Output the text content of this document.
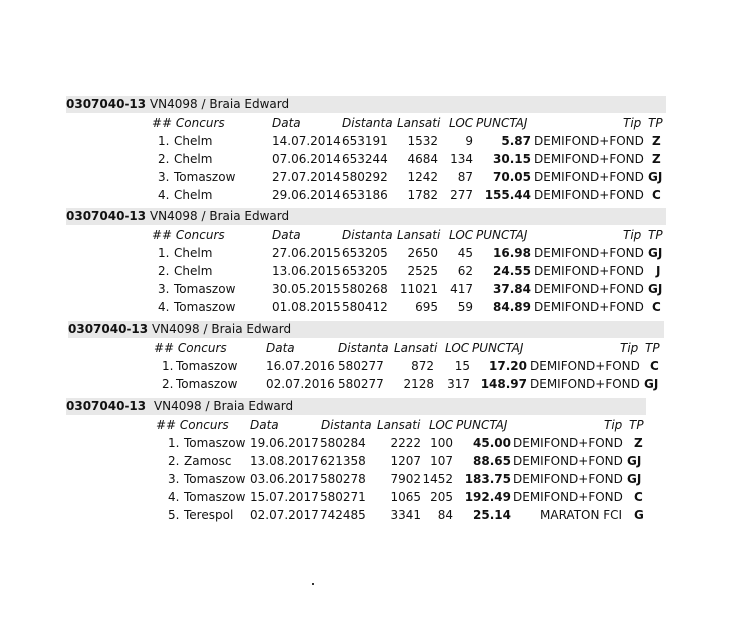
0307040-13 VN4098 / Braia Edward
## Concurs	Data	Distanta Lansati LOC PUNCTAJ	Tip TP
1. Chelm	14.07.2014 653191 1532 9 5.87 DEMIFOND+FOND Z
2. Chelm	07.06.2014 653244 4684 134 30.15 DEMIFOND+FOND Z
3. Tomaszow	27.07.2014 580292 1242 87 70.05 DEMIFOND+FOND GJ
4. Chelm	29.06.2014 653186 1782 277 155.44 DEMIFOND+FOND C
0307040-13 VN4098 / Braia Edward
## Concurs	Data	Distanta Lansati LOC PUNCTAJ	Tip TP
1. Chelm	27.06.2015 653205 2650 45 16.98 DEMIFOND+FOND GJ
2. Chelm	13.06.2015 653205 2525 62 24.55 DEMIFOND+FOND J
3. Tomaszow	30.05.2015 580268 11021 417 37.84 DEMIFOND+FOND GJ
4. Tomaszow	01.08.2015 580412 695 59 84.89 DEMIFOND+FOND C
0307040-13 VN4098 / Braia Edward
## Concurs	Data	Distanta Lansati LOC PUNCTAJ	Tip TP
1. Tomaszow 16.07.2016 580277 872 15 17.20 DEMIFOND+FOND C
2. Tomaszow 02.07.2016 580277 2128 317 148.97 DEMIFOND+FOND GJ
0307040-13 VN4098 / Braia Edward
## Concurs Data	Distanta Lansati LOC PUNCTAJ	Tip TP
1. Tomaszow 19.06.2017 580284 2222 100 45.00 DEMIFOND+FOND Z
2. Zamosc 13.08.2017 621358 1207 107 88.65 DEMIFOND+FOND GJ
3. Tomaszow 03.06.2017 580278 7902 1452 183.75 DEMIFOND+FOND GJ
4. Tomaszow 15.07.2017 580271 1065 205 192.49 DEMIFOND+FOND C
5. Terespol 02.07.2017 742485 3341 84 25.14 MARATON FCI G
